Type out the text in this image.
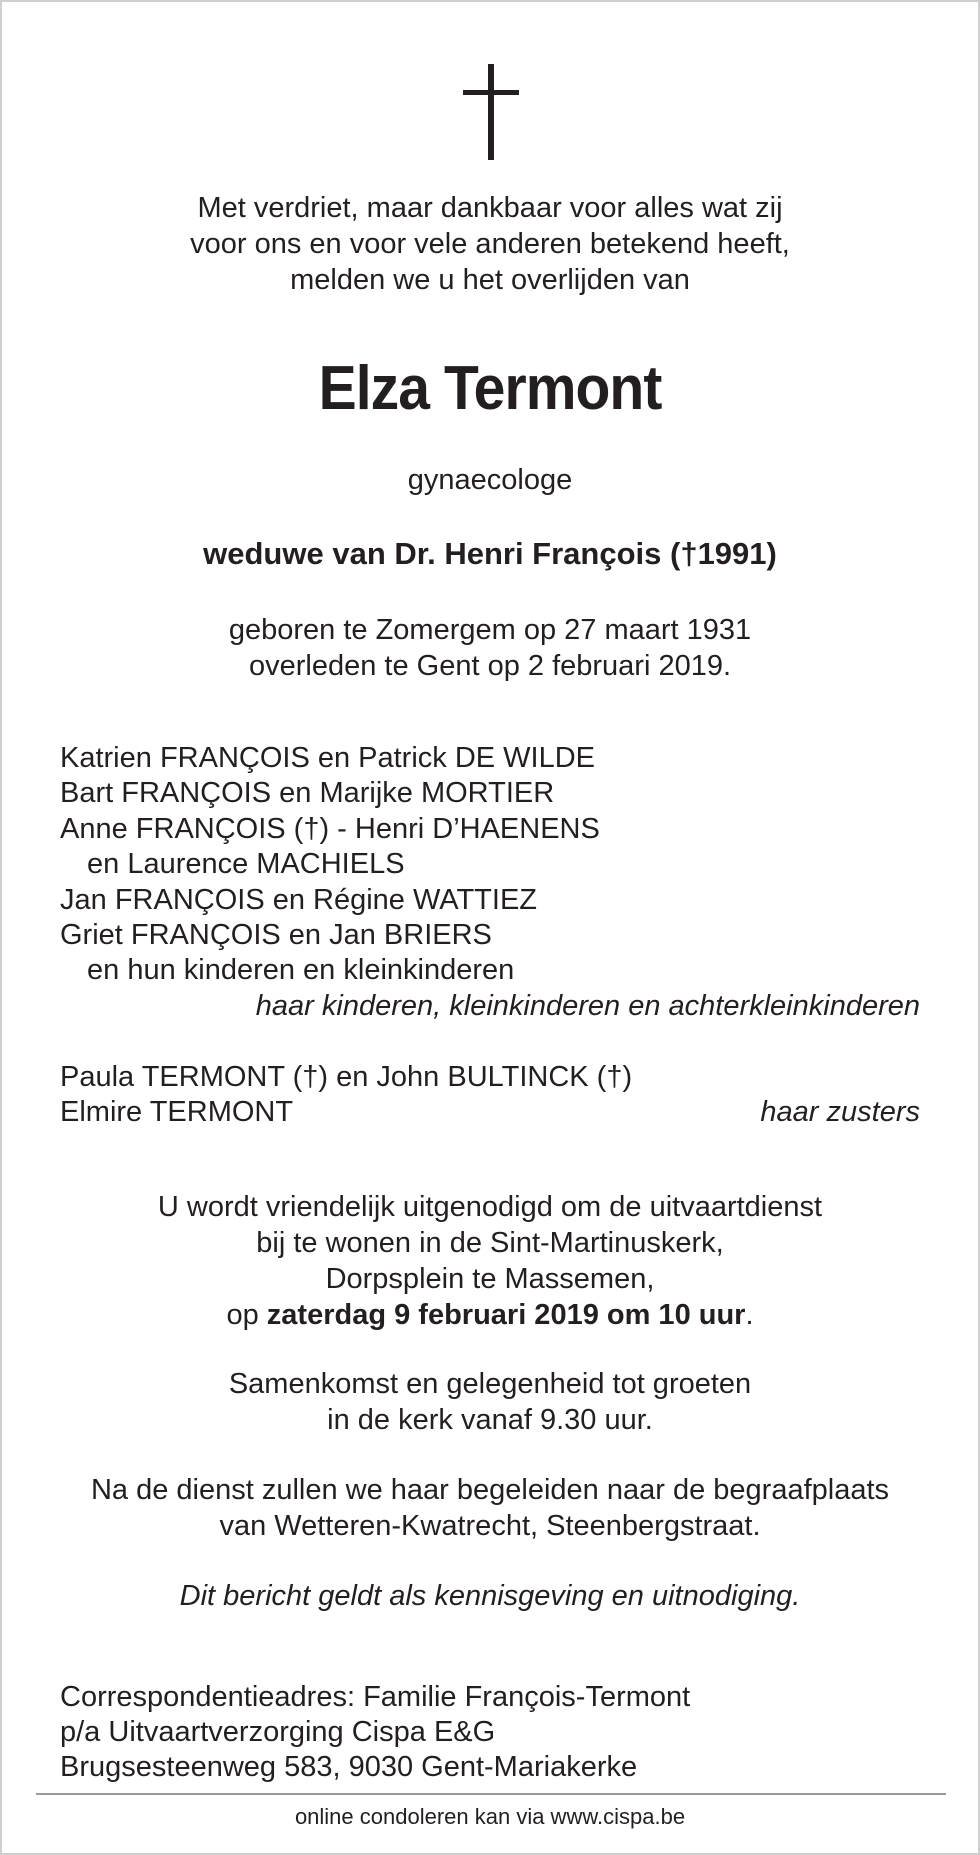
Met verdriet, maar dankbaar voor alles wat zij
voor ons en voor vele anderen betekend heeft,
melden we u het overlijden van
Elza Termont
gynaecologe
weduwe van Dr. Henri François (†1991)
geboren te Zomergem op 27 maart 1931
overleden te Gent op 2 februari 2019.
Katrien FRANÇOIS en Patrick DE WILDE
Bart FRANÇOIS en Marijke MORTIER
Anne FRANÇOIS (†) - Henri D’HAENENS
en Laurence MACHIELS
Jan FRANÇOIS en Régine WATTIEZ
Griet FRANÇOIS en Jan BRIERS
en hun kinderen en kleinkinderen
haar kinderen, kleinkinderen en achterkleinkinderen
Paula TERMONT (†) en John BULTINCK (†)
Elmire TERMONT	haar zusters
U wordt vriendelijk uitgenodigd om de uitvaartdienst
bij te wonen in de Sint-Martinuskerk,
Dorpsplein te Massemen,
op zaterdag 9 februari 2019 om 10 uur.
Samenkomst en gelegenheid tot groeten
in de kerk vanaf 9.30 uur.
Na de dienst zullen we haar begeleiden naar de begraafplaats
van Wetteren-Kwatrecht, Steenbergstraat.
Dit bericht geldt als kennisgeving en uitnodiging.
Correspondentieadres: Familie François-Termont
p/a Uitvaartverzorging Cispa E&G
Brugsesteenweg 583, 9030 Gent-Mariakerke
online condoleren kan via www.cispa.be
